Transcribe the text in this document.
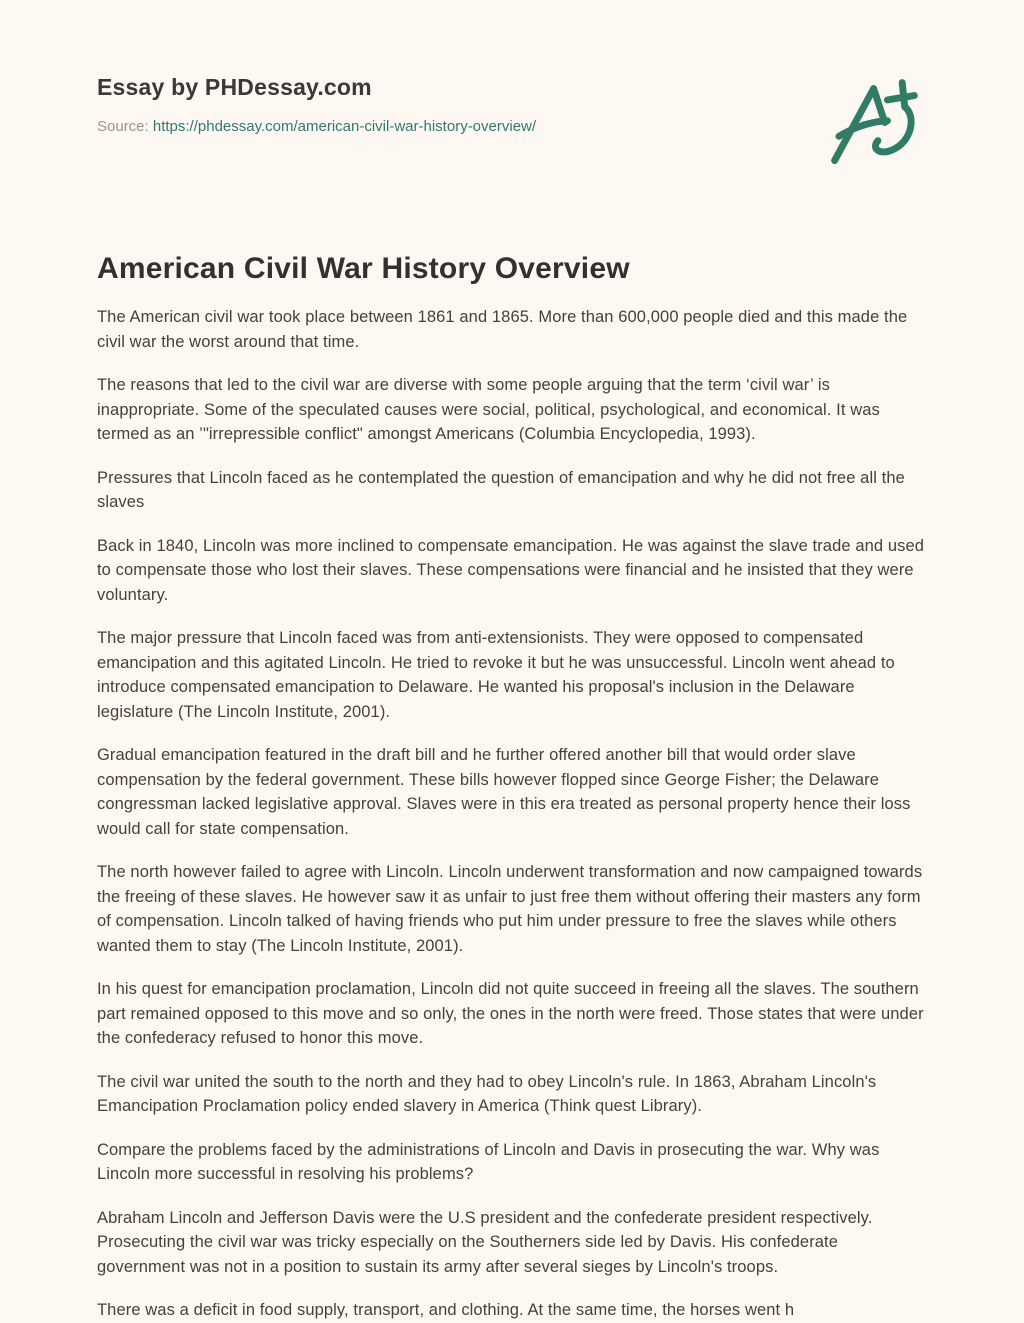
Essay by PHDessay.com
Source: https://phdessay.com/american-civil-war-history-overview/
American Civil War History Overview

The American civil war took place between 1861 and 1865. More than 600,000 people died and this made the civil war the worst around that time.

The reasons that led to the civil war are diverse with some people arguing that the term ‘civil war’ is inappropriate. Some of the speculated causes were social, political, psychological, and economical. It was termed as an ’"irrepressible conflict" amongst Americans (Columbia Encyclopedia, 1993).

Pressures that Lincoln faced as he contemplated the question of emancipation and why he did not free all the slaves

Back in 1840, Lincoln was more inclined to compensate emancipation. He was against the slave trade and used to compensate those who lost their slaves. These compensations were financial and he insisted that they were voluntary.

The major pressure that Lincoln faced was from anti-extensionists. They were opposed to compensated emancipation and this agitated Lincoln. He tried to revoke it but he was unsuccessful. Lincoln went ahead to introduce compensated emancipation to Delaware. He wanted his proposal's inclusion in the Delaware legislature (The Lincoln Institute, 2001).

Gradual emancipation featured in the draft bill and he further offered another bill that would order slave compensation by the federal government. These bills however flopped since George Fisher; the Delaware congressman lacked legislative approval. Slaves were in this era treated as personal property hence their loss would call for state compensation.

The north however failed to agree with Lincoln. Lincoln underwent transformation and now campaigned towards the freeing of these slaves. He however saw it as unfair to just free them without offering their masters any form of compensation. Lincoln talked of having friends who put him under pressure to free the slaves while others wanted them to stay (The Lincoln Institute, 2001).

In his quest for emancipation proclamation, Lincoln did not quite succeed in freeing all the slaves. The southern part remained opposed to this move and so only, the ones in the north were freed. Those states that were under the confederacy refused to honor this move.

The civil war united the south to the north and they had to obey Lincoln's rule. In 1863, Abraham Lincoln's Emancipation Proclamation policy ended slavery in America (Think quest Library).

Compare the problems faced by the administrations of Lincoln and Davis in prosecuting the war. Why was Lincoln more successful in resolving his problems?

Abraham Lincoln and Jefferson Davis were the U.S president and the confederate president respectively. Prosecuting the civil war was tricky especially on the Southerners side led by Davis. His confederate government was not in a position to sustain its army after several sieges by Lincoln's troops.

There was a deficit in food supply, transport, and clothing. At the same time, the horses went h
